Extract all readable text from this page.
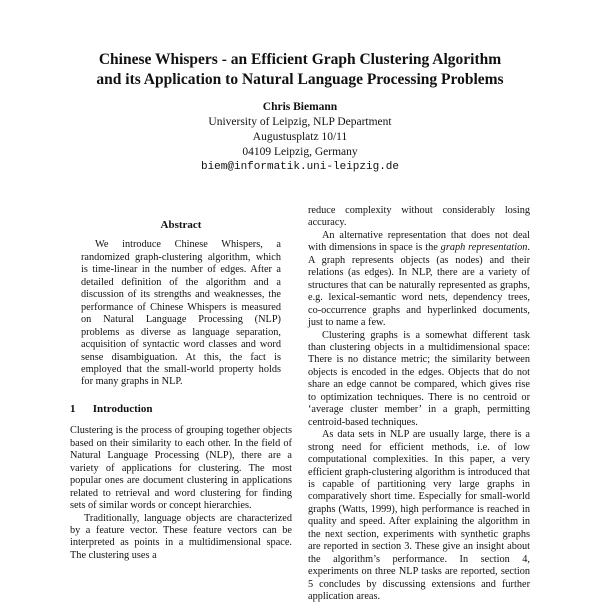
Chinese Whispers - an Efficient Graph Clustering Algorithm
and its Application to Natural Language Processing Problems
Chris Biemann
University of Leipzig, NLP Department
Augustusplatz 10/11
04109 Leipzig, Germany
biem@informatik.uni-leipzig.de
Abstract

We introduce Chinese Whispers, a randomized graph-clustering algorithm, which is time-linear in the number of edges. After a detailed definition of the algorithm and a discussion of its strengths and weaknesses, the performance of Chinese Whispers is measured on Natural Language Processing (NLP) problems as diverse as language separation, acquisition of syntactic word classes and word sense disambiguation. At this, the fact is employed that the small-world property holds for many graphs in NLP.

1 Introduction

Clustering is the process of grouping together objects based on their similarity to each other. In the field of Natural Language Processing (NLP), there are a variety of applications for clustering. The most popular ones are document clustering in applications related to retrieval and word clustering for finding sets of similar words or concept hierarchies.

Traditionally, language objects are characterized by a feature vector. These feature vectors can be interpreted as points in a multidimensional space. The clustering uses a

reduce complexity without considerably losing accuracy.

An alternative representation that does not deal with dimensions in space is the graph representation. A graph represents objects (as nodes) and their relations (as edges). In NLP, there are a variety of structures that can be naturally represented as graphs, e.g. lexical-semantic word nets, dependency trees, co-occurrence graphs and hyperlinked documents, just to name a few.

Clustering graphs is a somewhat different task than clustering objects in a multidimensional space: There is no distance metric; the similarity between objects is encoded in the edges. Objects that do not share an edge cannot be compared, which gives rise to optimization techniques. There is no centroid or ‘average cluster member’ in a graph, permitting centroid-based techniques.

As data sets in NLP are usually large, there is a strong need for efficient methods, i.e. of low computational complexities. In this paper, a very efficient graph-clustering algorithm is introduced that is capable of partitioning very large graphs in comparatively short time. Especially for small-world graphs (Watts, 1999), high performance is reached in quality and speed. After explaining the algorithm in the next section, experiments with synthetic graphs are reported in section 3. These give an insight about the algorithm’s performance. In section 4, experiments on three NLP tasks are reported, section 5 concludes by discussing extensions and further application areas.
